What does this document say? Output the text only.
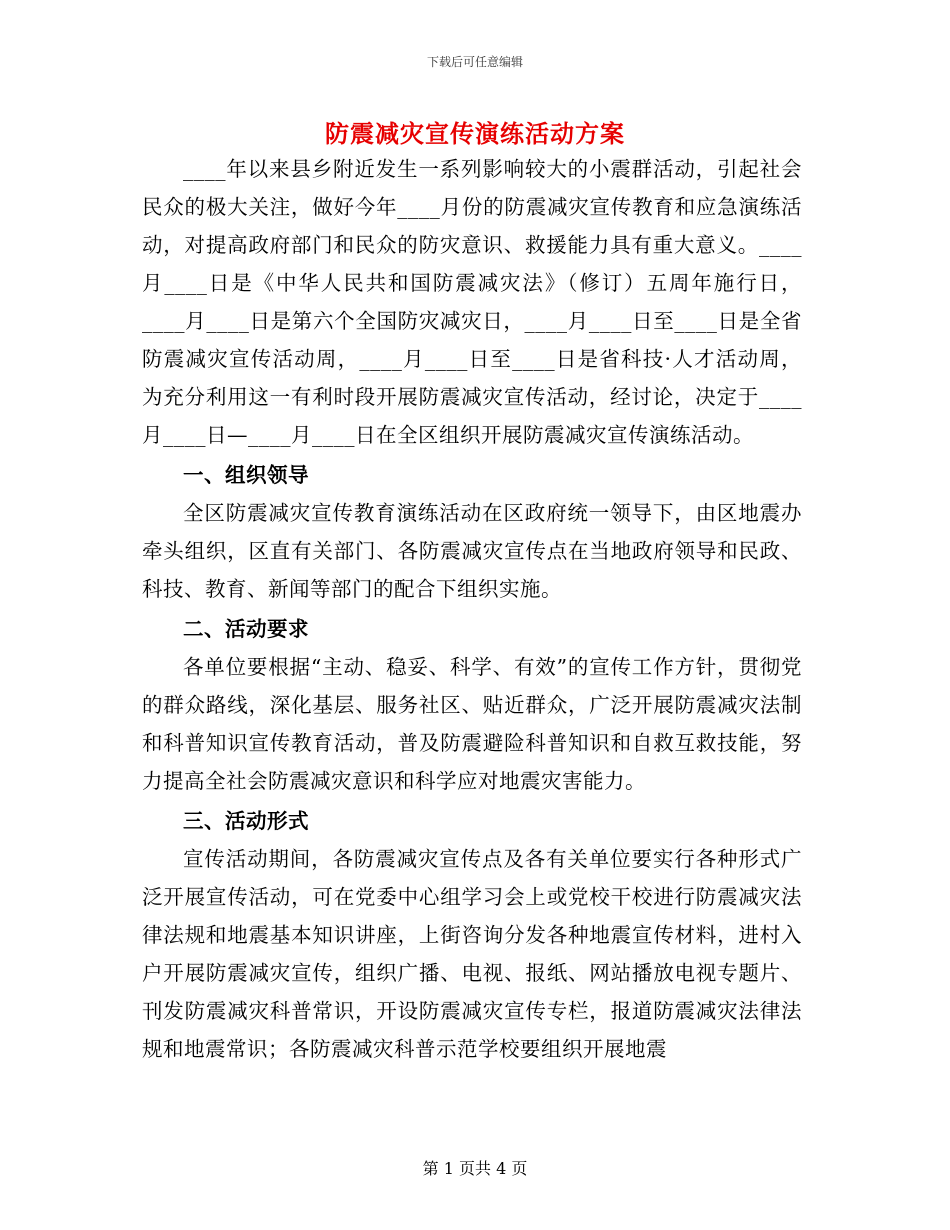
下载后可任意编辑
防震减灾宣传演练活动方案

____年以来县乡附近发生一系列影响较大的小震群活动，引起社会民众的极大关注，做好今年____月份的防震减灾宣传教育和应急演练活动，对提高政府部门和民众的防灾意识、救援能力具有重大意义。____月____日是《中华人民共和国防震减灾法》（修订）五周年施行日，____月____日是第六个全国防灾减灾日，____月____日至____日是全省防震减灾宣传活动周，____月____日至____日是省科技·人才活动周，为充分利用这一有利时段开展防震减灾宣传活动，经讨论，决定于____月____日—____月____日在全区组织开展防震减灾宣传演练活动。

一、组织领导

全区防震减灾宣传教育演练活动在区政府统一领导下，由区地震办牵头组织，区直有关部门、各防震减灾宣传点在当地政府领导和民政、科技、教育、新闻等部门的配合下组织实施。

二、活动要求

各单位要根据“主动、稳妥、科学、有效”的宣传工作方针，贯彻党的群众路线，深化基层、服务社区、贴近群众，广泛开展防震减灾法制和科普知识宣传教育活动，普及防震避险科普知识和自救互救技能，努力提高全社会防震减灾意识和科学应对地震灾害能力。

三、活动形式

宣传活动期间，各防震减灾宣传点及各有关单位要实行各种形式广泛开展宣传活动，可在党委中心组学习会上或党校干校进行防震减灾法律法规和地震基本知识讲座，上街咨询分发各种地震宣传材料，进村入户开展防震减灾宣传，组织广播、电视、报纸、网站播放电视专题片、刊发防震减灾科普常识，开设防震减灾宣传专栏，报道防震减灾法律法规和地震常识；各防震减灾科普示范学校要组织开展地震

第 1 页共 4 页
